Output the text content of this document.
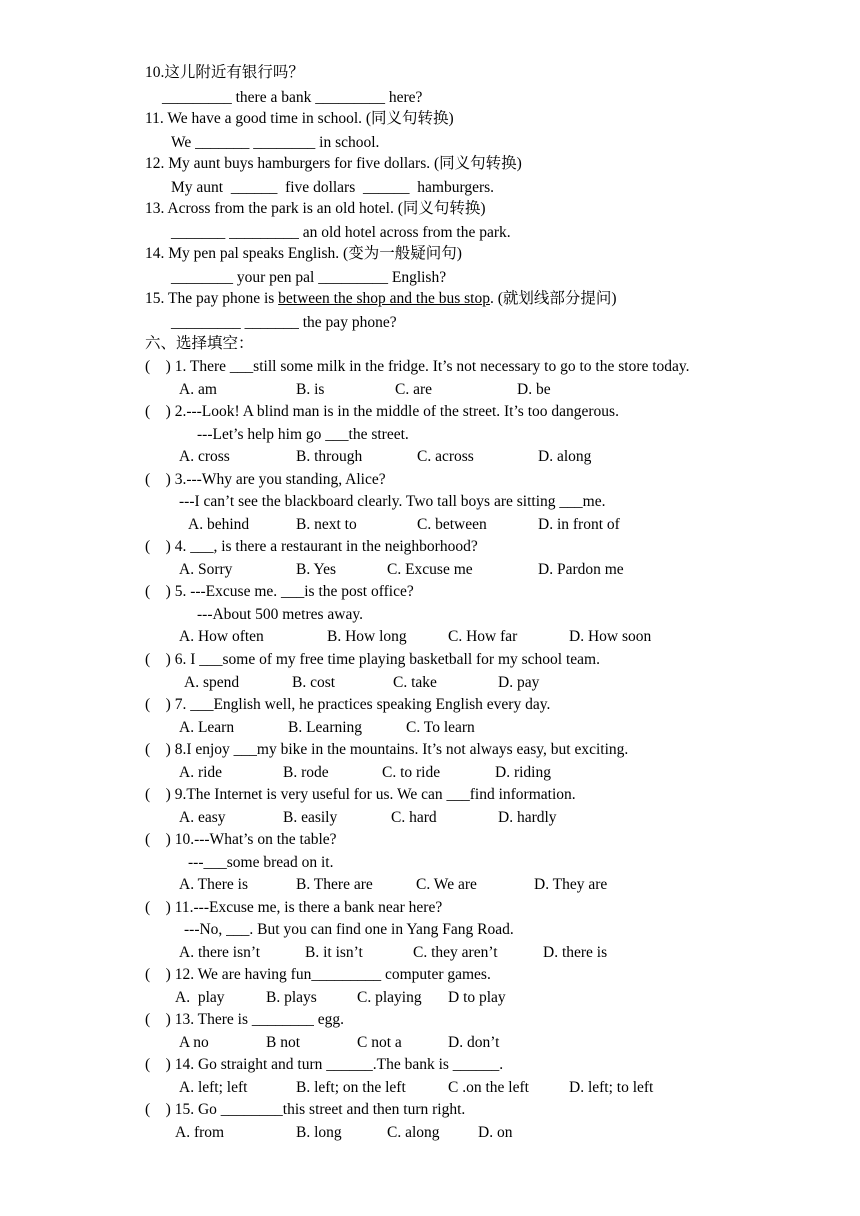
10.这儿附近有银行吗？
_________ there a bank _________ here?
11. We have a good time in school. (同义句转换)
We _______ ________ in school.
12. My aunt buys hamburgers for five dollars. (同义句转换)
My aunt  ______  five dollars  ______  hamburgers.
13. Across from the park is an old hotel. (同义句转换)
_______ _________ an old hotel across from the park.
14. My pen pal speaks English. (变为一般疑问句)
________ your pen pal _________ English?
15. The pay phone is between the shop and the bus stop. (就划线部分提问)
_________ _______ the pay phone?
六、选择填空：
(    ) 1. There ___still some milk in the fridge. It’s not necessary to go to the store today.
A. am	B. is	C. are	D. be
(    ) 2.---Look! A blind man is in the middle of the street. It’s too dangerous.
---Let’s help him go ___the street.
A. cross	B. through	C. across	D. along
(    ) 3.---Why are you standing, Alice?
---I can’t see the blackboard clearly. Two tall boys are sitting ___me.
A. behind	B. next to	C. between	D. in front of
(    ) 4. ___, is there a restaurant in the neighborhood?
A. Sorry	B. Yes	C. Excuse me	D. Pardon me
(    ) 5. ---Excuse me. ___is the post office?
---About 500 metres away.
A. How often	B. How long	C. How far	D. How soon
(    ) 6. I ___some of my free time playing basketball for my school team.
A. spend	B. cost	C. take	D. pay
(    ) 7. ___English well, he practices speaking English every day.
A. Learn	B. Learning	C. To learn
(    ) 8.I enjoy ___my bike in the mountains. It’s not always easy, but exciting.
A. ride	B. rode	C. to ride	D. riding
(    ) 9.The Internet is very useful for us. We can ___find information.
A. easy	B. easily	C. hard	D. hardly
(    ) 10.---What’s on the table?
---___some bread on it.
A. There is	B. There are	C. We are	D. They are
(    ) 11.---Excuse me, is there a bank near here?
---No, ___. But you can find one in Yang Fang Road.
A. there isn’t	B. it isn’t	C. they aren’t	D. there is
(    ) 12. We are having fun_________ computer games.
A.  play	B. plays	C. playing D to play
(    ) 13. There is ________ egg.
A no	B not	C not a	D. don’t
(    ) 14. Go straight and turn ______.The bank is ______.
A. left; left	B. left; on the left	C .on the left	D. left; to left
(    ) 15. Go ________this street and then turn right.
A. from	B. long	C. along D. on
